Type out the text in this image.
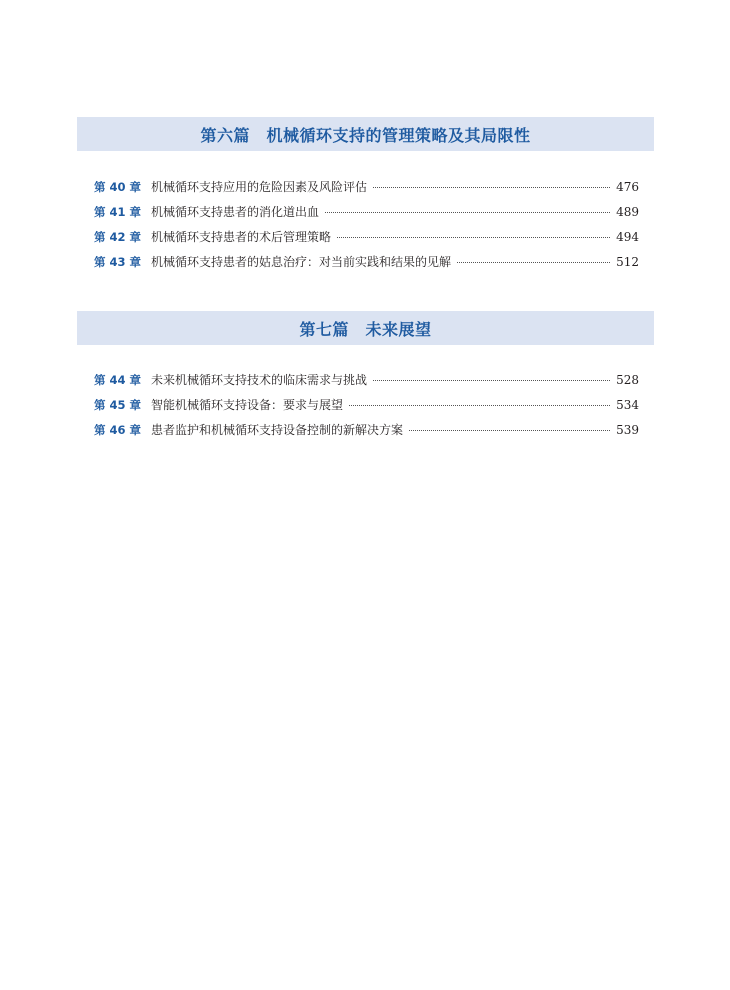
第六篇　机械循环支持的管理策略及其局限性
第 40 章 机械循环支持应用的危险因素及风险评估	476
第 41 章 机械循环支持患者的消化道出血	489
第 42 章 机械循环支持患者的术后管理策略	494
第 43 章 机械循环支持患者的姑息治疗：对当前实践和结果的见解	512
第七篇　未来展望
第 44 章 未来机械循环支持技术的临床需求与挑战	528
第 45 章 智能机械循环支持设备：要求与展望	534
第 46 章 患者监护和机械循环支持设备控制的新解决方案	539
